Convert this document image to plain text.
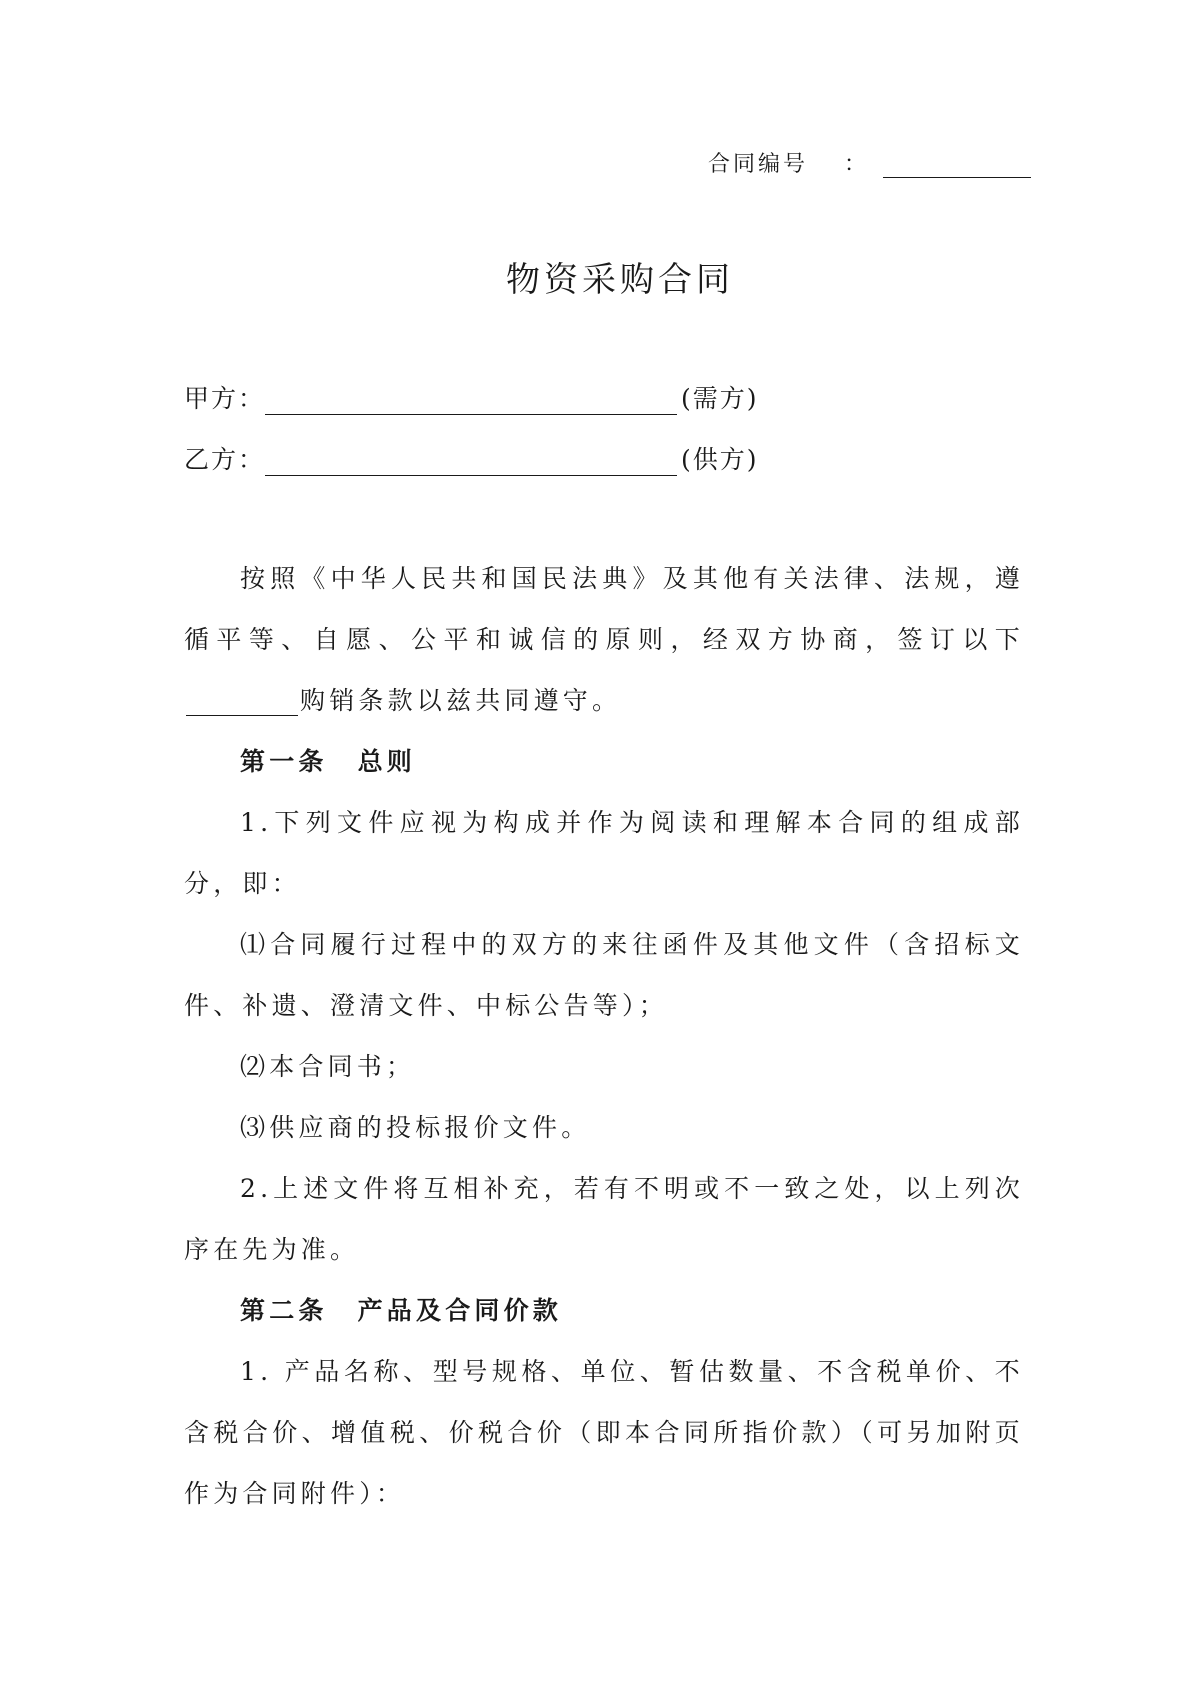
合同编号 ：
物资采购合同
甲方：	(需方)
乙方：	(供方)

按照《中华人民共和国民法典》及其他有关法律、法规，遵循平等、自愿、公平和诚信的原则，经双方协商，签订以下购销条款以兹共同遵守。

第一条 总则

1.下列文件应视为构成并作为阅读和理解本合同的组成部分，即：

⑴合同履行过程中的双方的来往函件及其他文件（含招标文件、补遗、澄清文件、中标公告等）；

⑵本合同书；

⑶供应商的投标报价文件。

2.上述文件将互相补充，若有不明或不一致之处，以上列次序在先为准。

第二条 产品及合同价款

1. 产品名称、型号规格、单位、暂估数量、不含税单价、不含税合价、增值税、价税合价（即本合同所指价款）（可另加附页作为合同附件）：
